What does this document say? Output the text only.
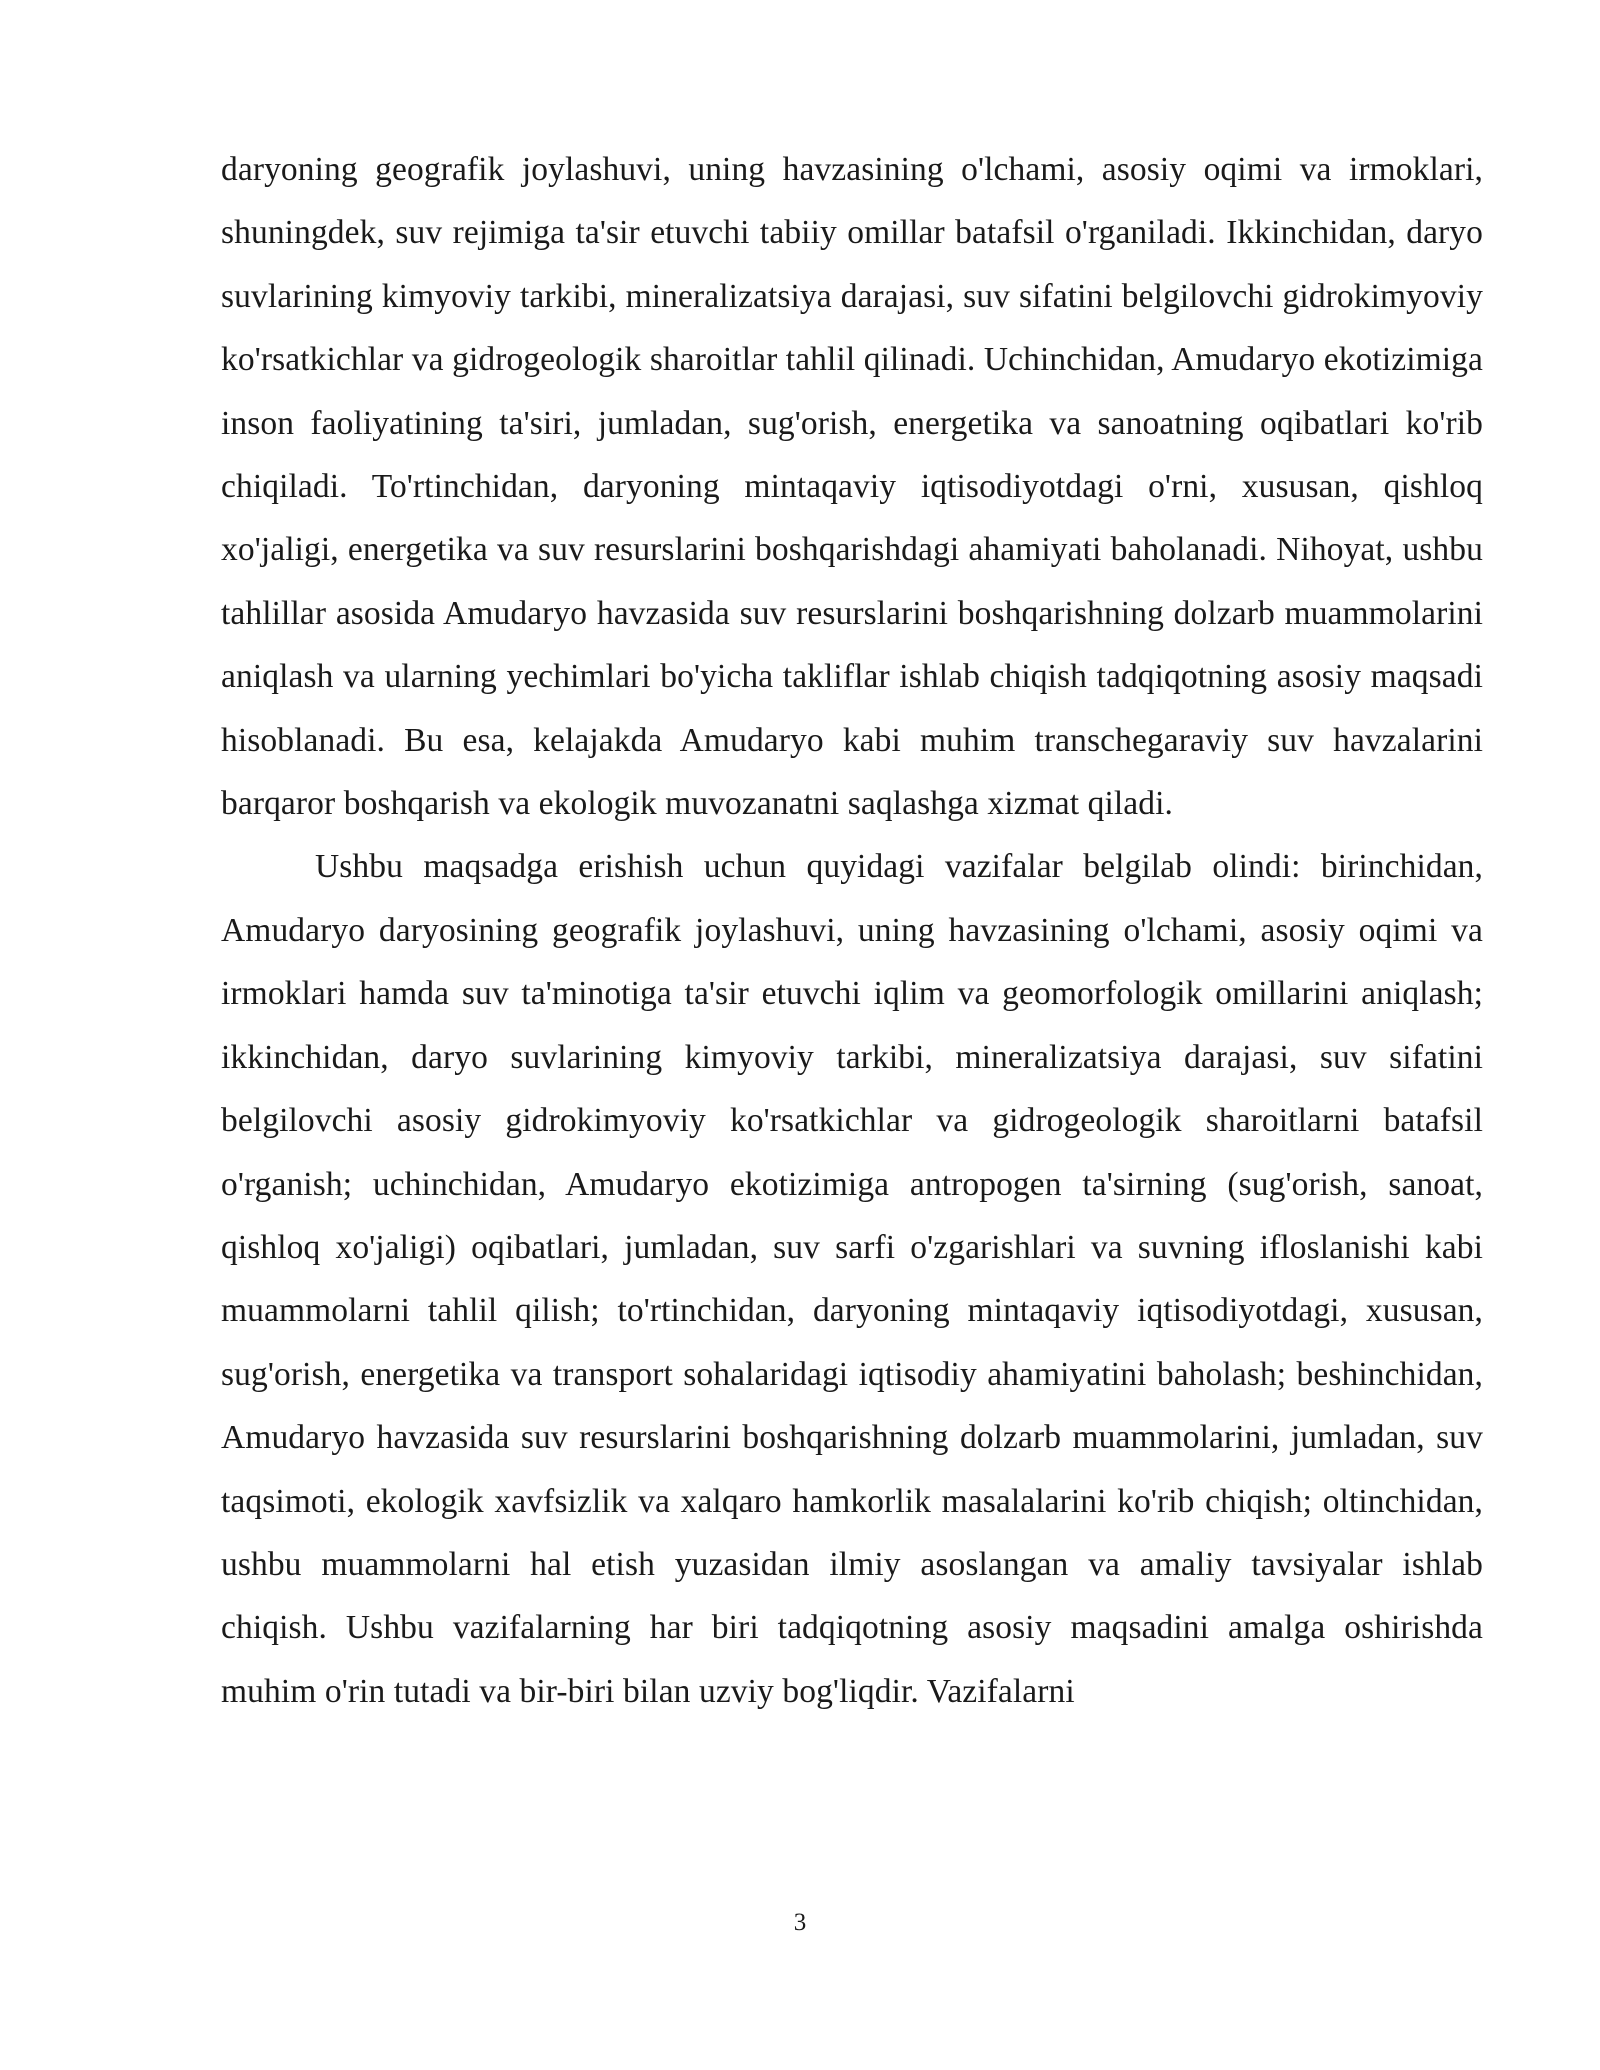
daryoning geografik joylashuvi, uning havzasining o'lchami, asosiy oqimi va irmoklari, shuningdek, suv rejimiga ta'sir etuvchi tabiiy omillar batafsil o'rganiladi. Ikkinchidan, daryo suvlarining kimyoviy tarkibi, mineralizatsiya darajasi, suv sifatini belgilovchi gidrokimyoviy ko'rsatkichlar va gidrogeologik sharoitlar tahlil qilinadi. Uchinchidan, Amudaryo ekotizimiga inson faoliyatining ta'siri, jumladan, sug'orish, energetika va sanoatning oqibatlari ko'rib chiqiladi. To'rtinchidan, daryoning mintaqaviy iqtisodiyotdagi o'rni, xususan, qishloq xo'jaligi, energetika va suv resurslarini boshqarishdagi ahamiyati baholanadi. Nihoyat, ushbu tahlillar asosida Amudaryo havzasida suv resurslarini boshqarishning dolzarb muammolarini aniqlash va ularning yechimlari bo'yicha takliflar ishlab chiqish tadqiqotning asosiy maqsadi hisoblanadi. Bu esa, kelajakda Amudaryo kabi muhim transchegaraviy suv havzalarini barqaror boshqarish va ekologik muvozanatni saqlashga xizmat qiladi.

Ushbu maqsadga erishish uchun quyidagi vazifalar belgilab olindi: birinchidan, Amudaryo daryosining geografik joylashuvi, uning havzasining o'lchami, asosiy oqimi va irmoklari hamda suv ta'minotiga ta'sir etuvchi iqlim va geomorfologik omillarini aniqlash; ikkinchidan, daryo suvlarining kimyoviy tarkibi, mineralizatsiya darajasi, suv sifatini belgilovchi asosiy gidrokimyoviy ko'rsatkichlar va gidrogeologik sharoitlarni batafsil o'rganish; uchinchidan, Amudaryo ekotizimiga antropogen ta'sirning (sug'orish, sanoat, qishloq xo'jaligi) oqibatlari, jumladan, suv sarfi o'zgarishlari va suvning ifloslanishi kabi muammolarni tahlil qilish; to'rtinchidan, daryoning mintaqaviy iqtisodiyotdagi, xususan, sug'orish, energetika va transport sohalaridagi iqtisodiy ahamiyatini baholash; beshinchidan, Amudaryo havzasida suv resurslarini boshqarishning dolzarb muammolarini, jumladan, suv taqsimoti, ekologik xavfsizlik va xalqaro hamkorlik masalalarini ko'rib chiqish; oltinchidan, ushbu muammolarni hal etish yuzasidan ilmiy asoslangan va amaliy tavsiyalar ishlab chiqish. Ushbu vazifalarning har biri tadqiqotning asosiy maqsadini amalga oshirishda muhim o'rin tutadi va bir-biri bilan uzviy bog'liqdir. Vazifalarni

3
